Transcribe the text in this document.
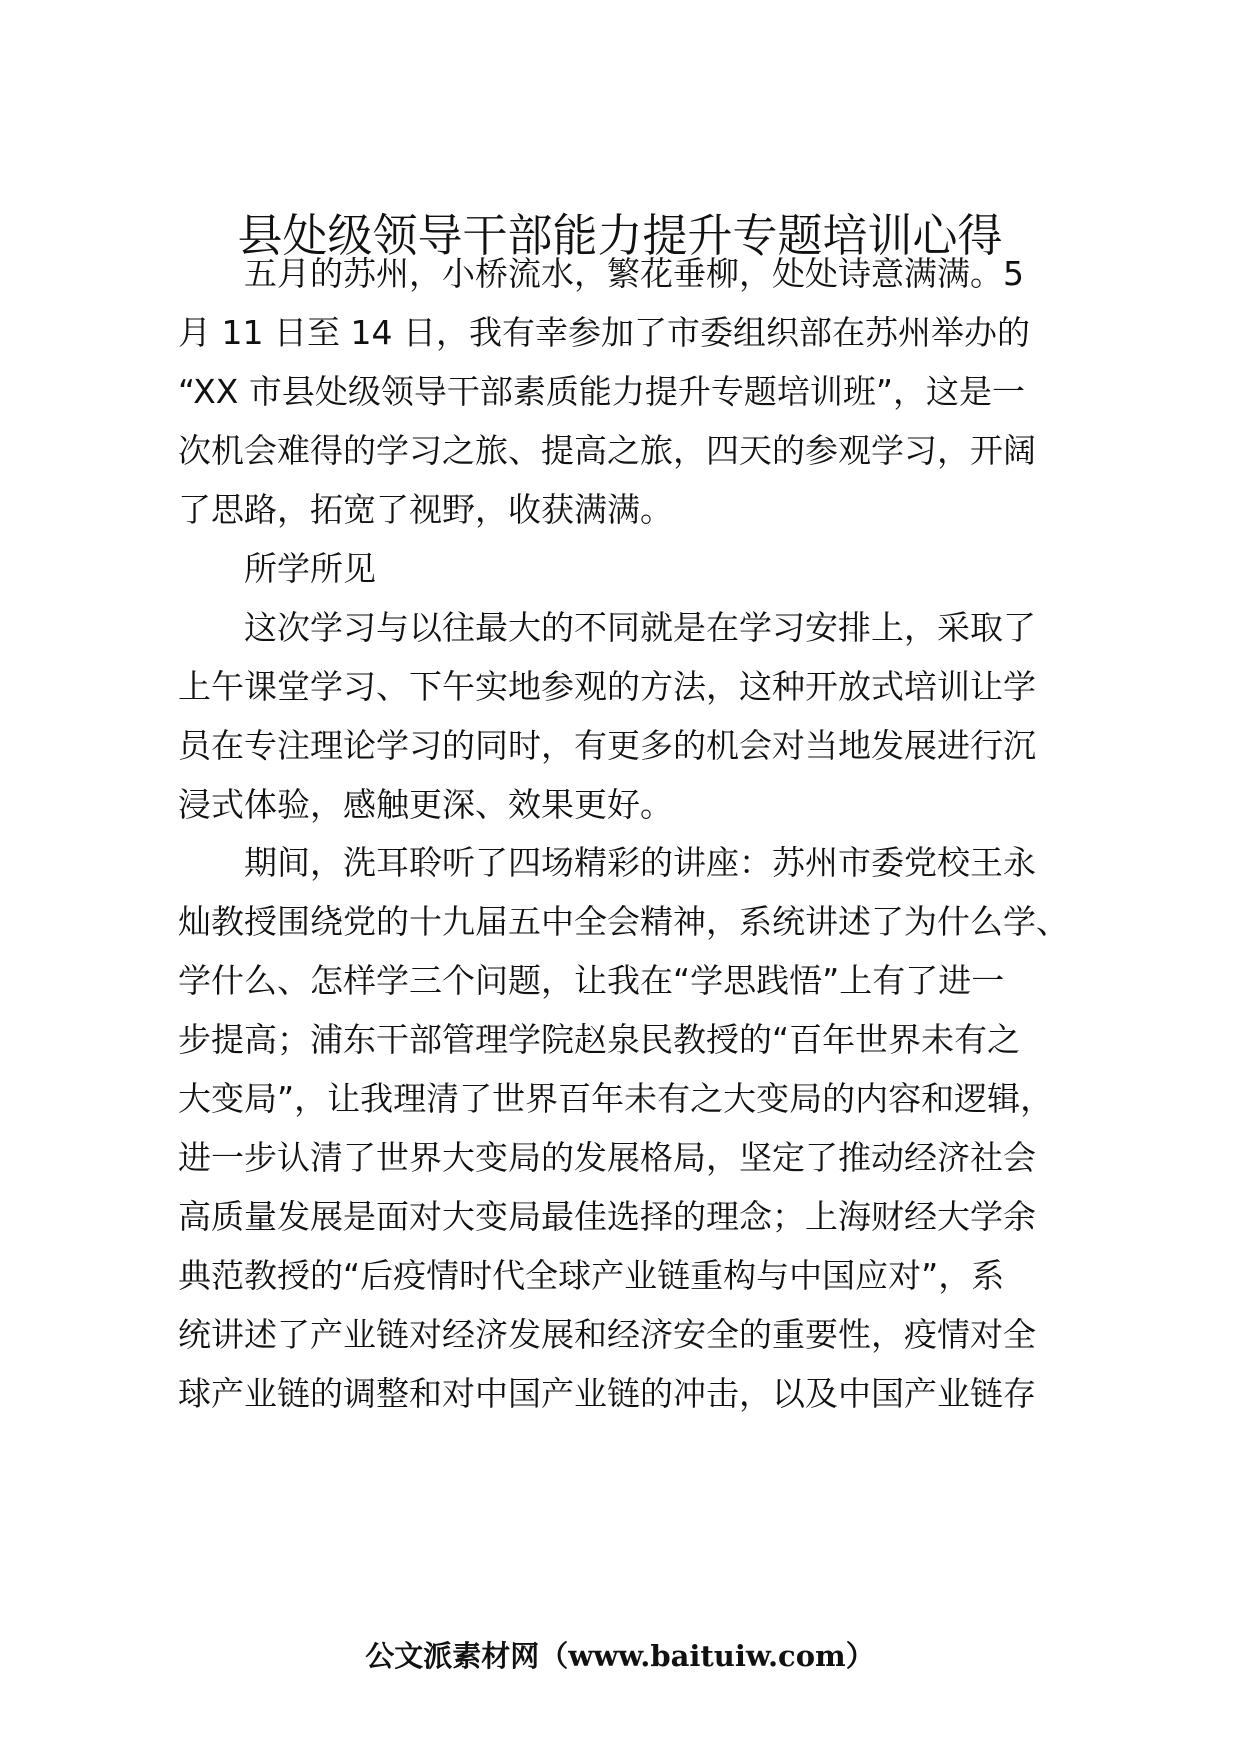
县处级领导干部能力提升专题培训心得

五月的苏州，小桥流水，繁花垂柳，处处诗意满满。5

月 11 日至 14 日，我有幸参加了市委组织部在苏州举办的

“XX 市县处级领导干部素质能力提升专题培训班”，这是一

次机会难得的学习之旅、提高之旅，四天的参观学习，开阔

了思路，拓宽了视野，收获满满。

所学所见

这次学习与以往最大的不同就是在学习安排上，采取了

上午课堂学习、下午实地参观的方法，这种开放式培训让学

员在专注理论学习的同时，有更多的机会对当地发展进行沉

浸式体验，感触更深、效果更好。

期间，洗耳聆听了四场精彩的讲座：苏州市委党校王永

灿教授围绕党的十九届五中全会精神，系统讲述了为什么学、

学什么、怎样学三个问题，让我在“学思践悟”上有了进一

步提高；浦东干部管理学院赵泉民教授的“百年世界未有之

大变局”，让我理清了世界百年未有之大变局的内容和逻辑，

进一步认清了世界大变局的发展格局，坚定了推动经济社会

高质量发展是面对大变局最佳选择的理念；上海财经大学余

典范教授的“后疫情时代全球产业链重构与中国应对”，系

统讲述了产业链对经济发展和经济安全的重要性，疫情对全

球产业链的调整和对中国产业链的冲击，以及中国产业链存

公文派素材网（www.baituiw.com）
